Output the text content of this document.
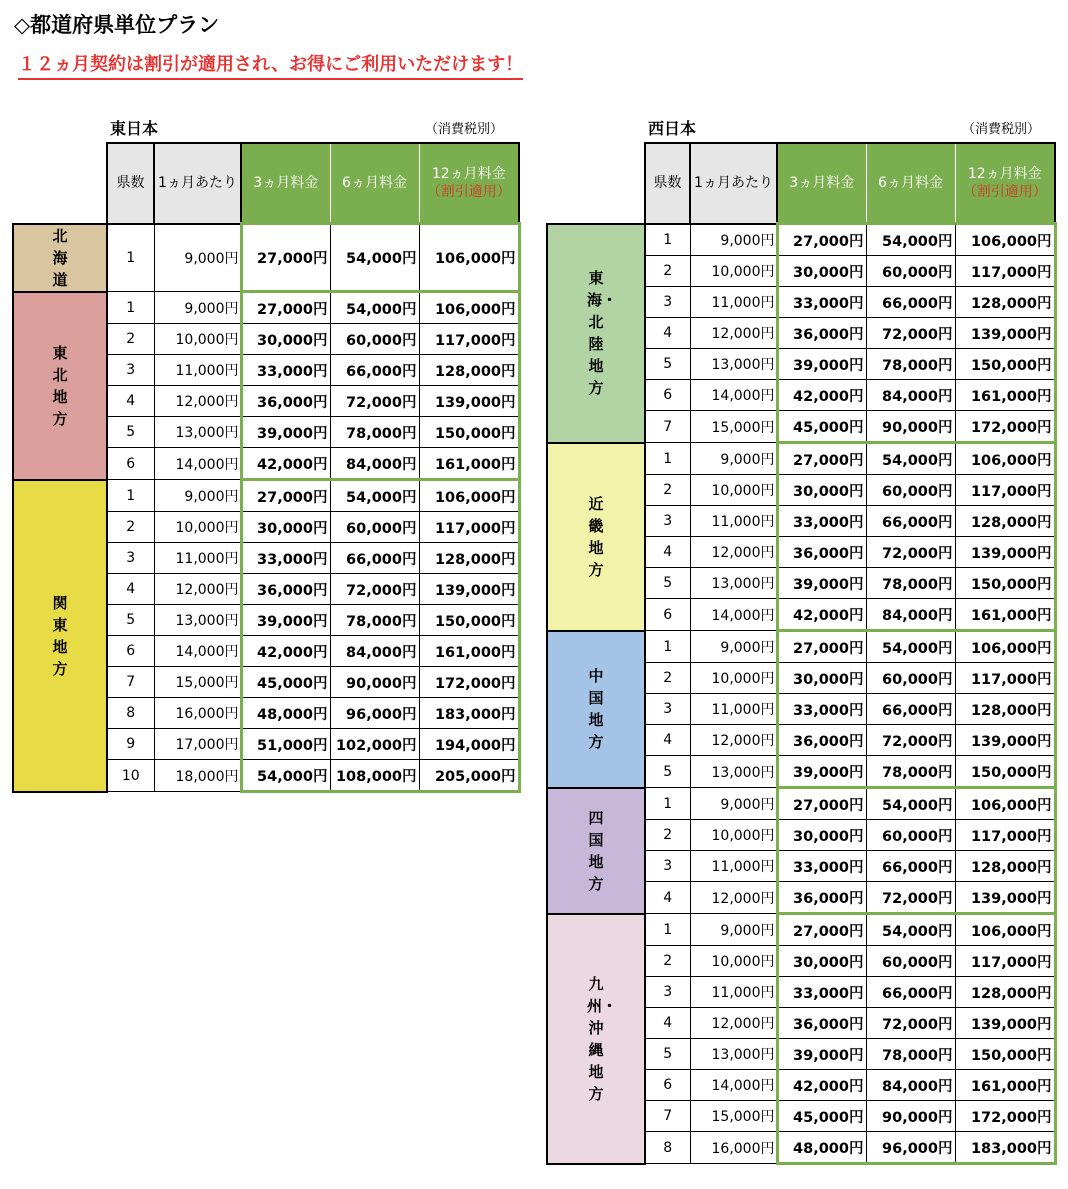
◇都道府県単位プラン
１２ヵ月契約は割引が適用され、お得にご利用いただけます！
東日本	（消費税別）
	県数	1ヵ月あたり	3ヵ月料金	6ヵ月料金	12ヵ月料金
（割引適用）

北海道	1	9,000円	27,000円	54,000円	106,000円
東北地方	1	9,000円	27,000円	54,000円	106,000円
	2	10,000円	30,000円	60,000円	117,000円
	3	11,000円	33,000円	66,000円	128,000円
	4	12,000円	36,000円	72,000円	139,000円
	5	13,000円	39,000円	78,000円	150,000円
	6	14,000円	42,000円	84,000円	161,000円
関東地方	1	9,000円	27,000円	54,000円	106,000円
	2	10,000円	30,000円	60,000円	117,000円
	3	11,000円	33,000円	66,000円	128,000円
	4	12,000円	36,000円	72,000円	139,000円
	5	13,000円	39,000円	78,000円	150,000円
	6	14,000円	42,000円	84,000円	161,000円
	7	15,000円	45,000円	90,000円	172,000円
	8	16,000円	48,000円	96,000円	183,000円
	9	17,000円	51,000円	102,000円	194,000円
	10	18,000円	54,000円	108,000円	205,000円
西日本	（消費税別）
	県数	1ヵ月あたり	3ヵ月料金	6ヵ月料金	12ヵ月料金
（割引適用）

東海・北陸地方	1	9,000円	27,000円	54,000円	106,000円
	2	10,000円	30,000円	60,000円	117,000円
	3	11,000円	33,000円	66,000円	128,000円
	4	12,000円	36,000円	72,000円	139,000円
	5	13,000円	39,000円	78,000円	150,000円
	6	14,000円	42,000円	84,000円	161,000円
	7	15,000円	45,000円	90,000円	172,000円
近畿地方	1	9,000円	27,000円	54,000円	106,000円
	2	10,000円	30,000円	60,000円	117,000円
	3	11,000円	33,000円	66,000円	128,000円
	4	12,000円	36,000円	72,000円	139,000円
	5	13,000円	39,000円	78,000円	150,000円
	6	14,000円	42,000円	84,000円	161,000円
中国地方	1	9,000円	27,000円	54,000円	106,000円
	2	10,000円	30,000円	60,000円	117,000円
	3	11,000円	33,000円	66,000円	128,000円
	4	12,000円	36,000円	72,000円	139,000円
	5	13,000円	39,000円	78,000円	150,000円
四国地方	1	9,000円	27,000円	54,000円	106,000円
	2	10,000円	30,000円	60,000円	117,000円
	3	11,000円	33,000円	66,000円	128,000円
	4	12,000円	36,000円	72,000円	139,000円
九州・沖縄地方	1	9,000円	27,000円	54,000円	106,000円
	2	10,000円	30,000円	60,000円	117,000円
	3	11,000円	33,000円	66,000円	128,000円
	4	12,000円	36,000円	72,000円	139,000円
	5	13,000円	39,000円	78,000円	150,000円
	6	14,000円	42,000円	84,000円	161,000円
	7	15,000円	45,000円	90,000円	172,000円
	8	16,000円	48,000円	96,000円	183,000円
